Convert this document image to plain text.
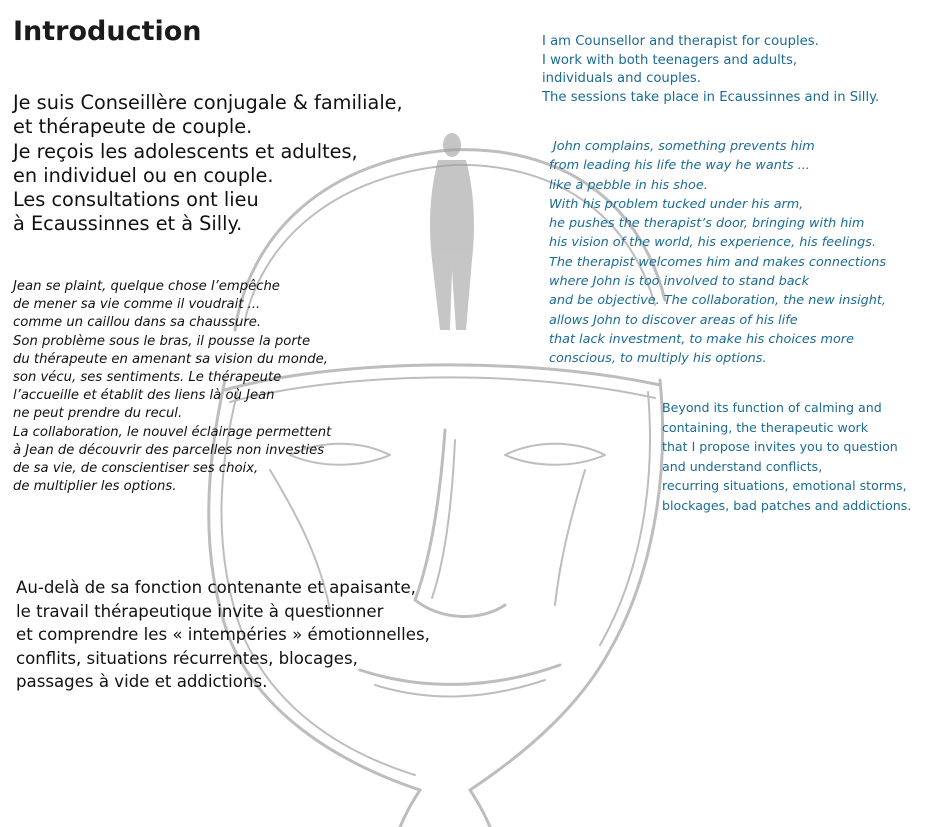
Introduction
Je suis Conseillère conjugale & familiale,
et thérapeute de couple.
Je reçois les adolescents et adultes,
en individuel ou en couple.
Les consultations ont lieu
à Ecaussinnes et à Silly.
Jean se plaint, quelque chose l’empêche
de mener sa vie comme il voudrait ...
comme un caillou dans sa chaussure.
Son problème sous le bras, il pousse la porte
du thérapeute en amenant sa vision du monde,
son vécu, ses sentiments. Le thérapeute
l’accueille et établit des liens là où Jean
ne peut prendre du recul.
La collaboration, le nouvel éclairage permettent
à Jean de découvrir des parcelles non investies
de sa vie, de conscientiser ses choix,
de multiplier les options.
Au-delà de sa fonction contenante et apaisante,
le travail thérapeutique invite à questionner
et comprendre les « intempéries » émotionnelles,
conflits, situations récurrentes, blocages,
passages à vide et addictions.
I am Counsellor and therapist for couples.
I work with both teenagers and adults,
individuals and couples.
The sessions take place in Ecaussinnes and in Silly.
John complains, something prevents him
from leading his life the way he wants ...
like a pebble in his shoe.
With his problem tucked under his arm,
he pushes the therapist’s door, bringing with him
his vision of the world, his experience, his feelings.
The therapist welcomes him and makes connections
where John is too involved to stand back
and be objective. The collaboration, the new insight,
allows John to discover areas of his life
that lack investment, to make his choices more
conscious, to multiply his options.
Beyond its function of calming and
containing, the therapeutic work
that I propose invites you to question
and understand conflicts,
recurring situations, emotional storms,
blockages, bad patches and addictions.
